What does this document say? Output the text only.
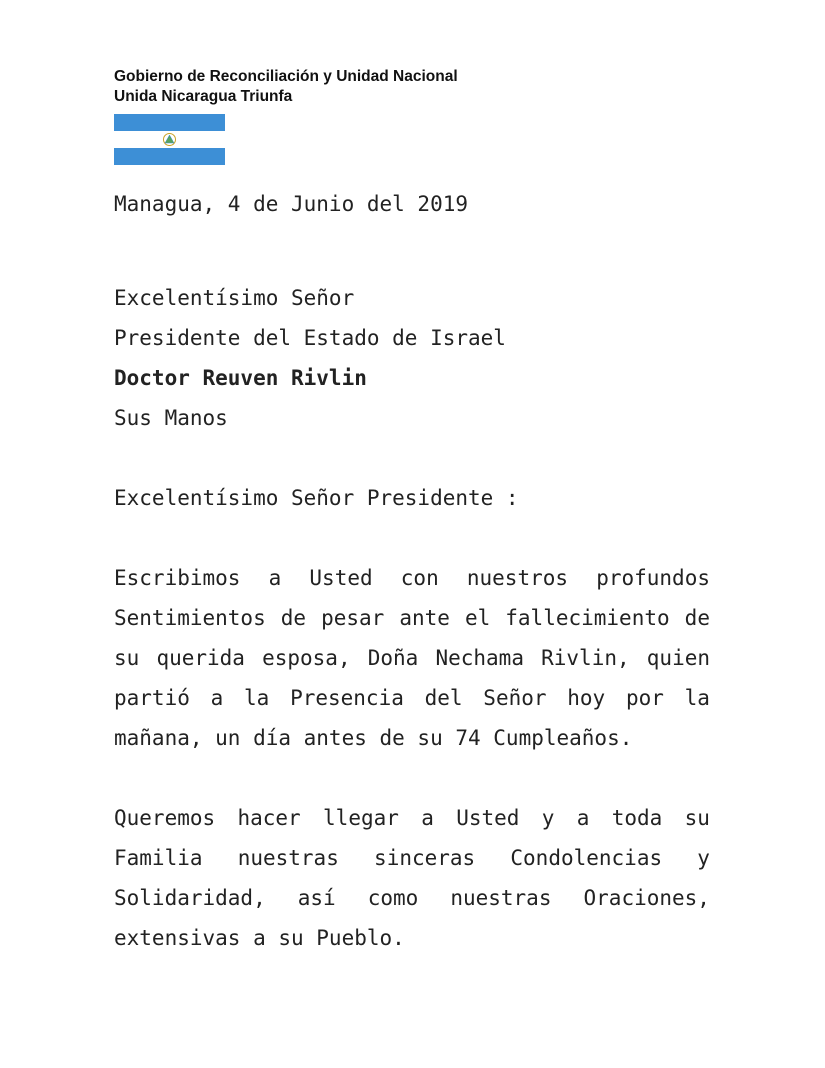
Gobierno de Reconciliación y Unidad Nacional
Unida Nicaragua Triunfa
Managua, 4 de Junio del 2019
Excelentísimo Señor
Presidente del Estado de Israel
Doctor Reuven Rivlin
Sus Manos
Excelentísimo Señor Presidente :
Escribimos a Usted con nuestros profundos
Sentimientos de pesar ante el fallecimiento de
su querida esposa, Doña Nechama Rivlin, quien
partió a la Presencia del Señor hoy por la
mañana, un día antes de su 74 Cumpleaños.
Queremos hacer llegar a Usted y a toda su
Familia nuestras sinceras Condolencias y
Solidaridad, así como nuestras Oraciones,
extensivas a su Pueblo.
